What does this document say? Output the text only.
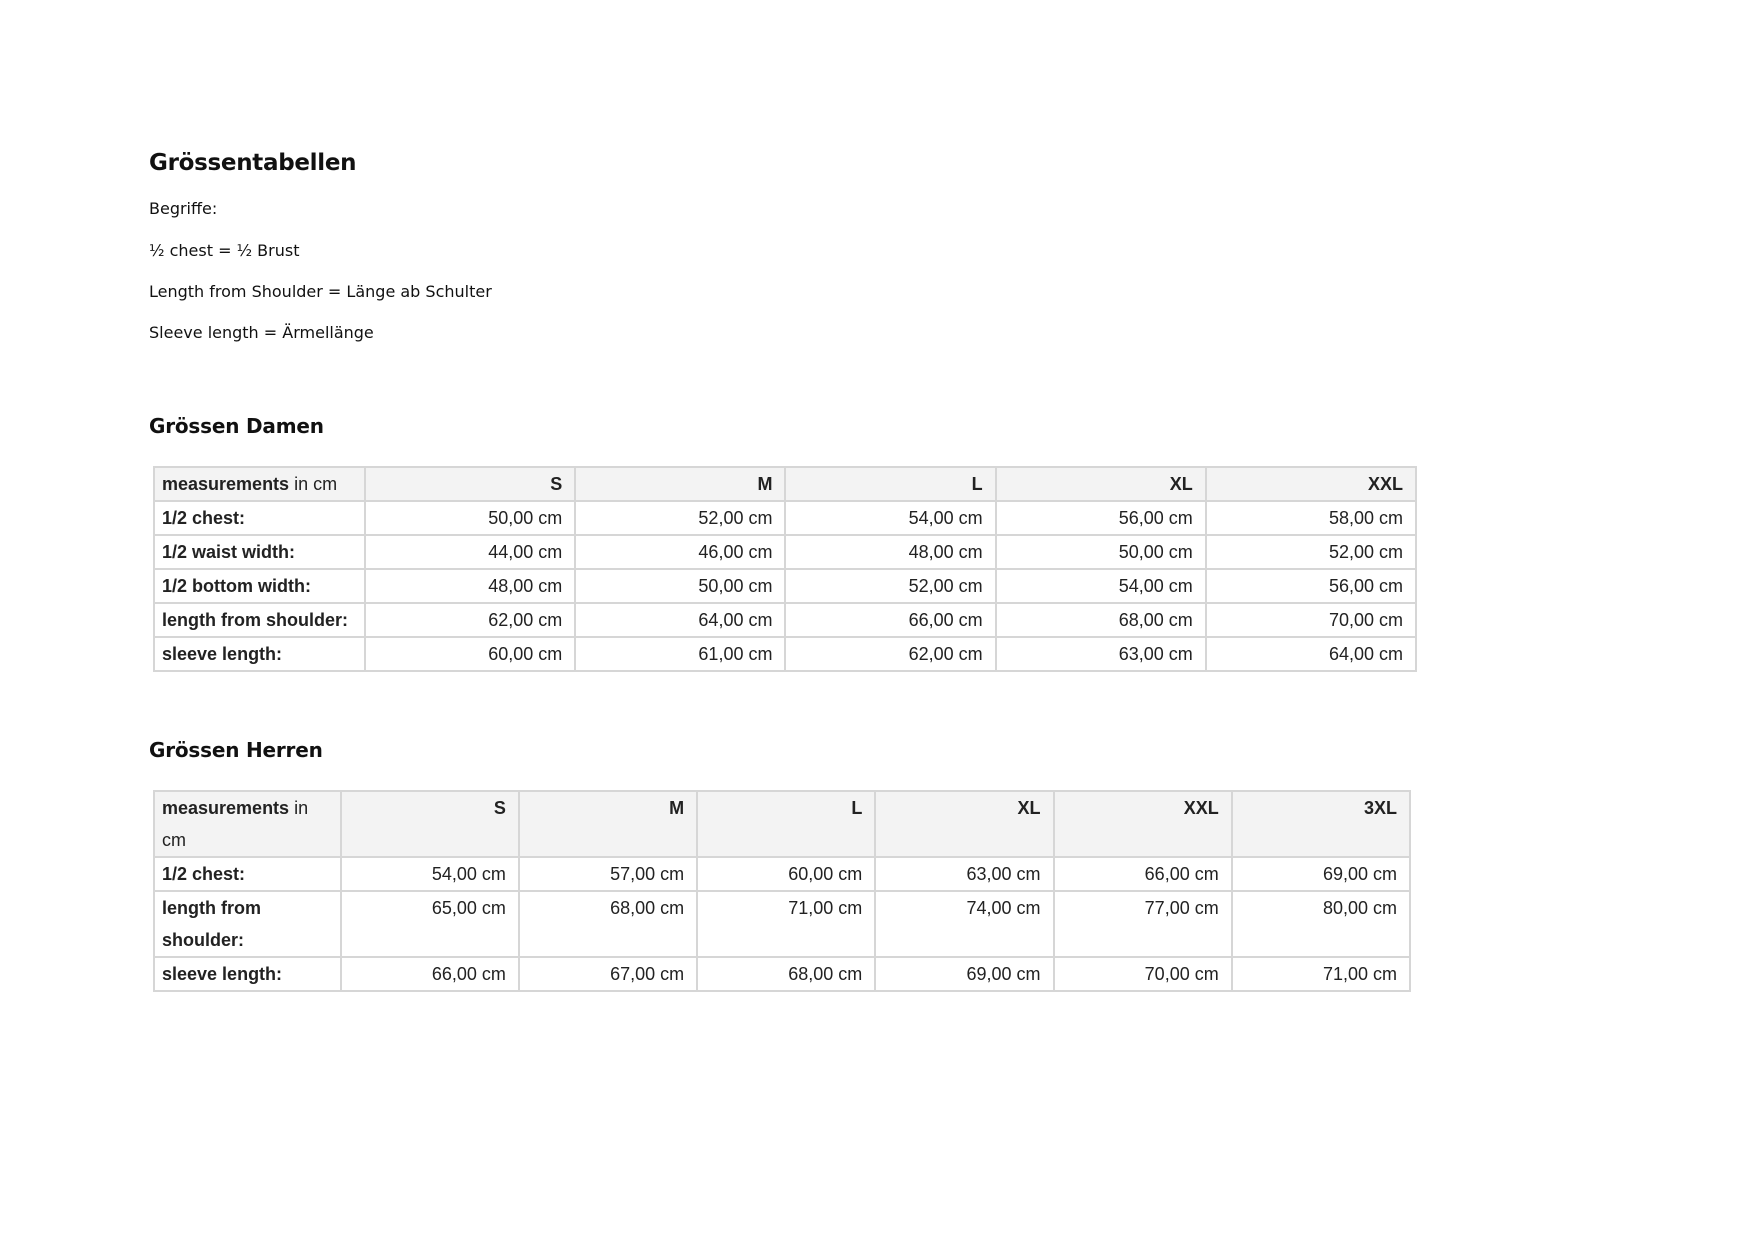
Grössentabellen

Begriffe:

½ chest = ½ Brust

Length from Shoulder = Länge ab Schulter

Sleeve length = Ärmellänge

Grössen Damen
measurements in cm	S	M	L	XL	XXL
1/2 chest:	50,00 cm	52,00 cm	54,00 cm	56,00 cm	58,00 cm
1/2 waist width:	44,00 cm	46,00 cm	48,00 cm	50,00 cm	52,00 cm
1/2 bottom width:	48,00 cm	50,00 cm	52,00 cm	54,00 cm	56,00 cm
length from shoulder:	62,00 cm	64,00 cm	66,00 cm	68,00 cm	70,00 cm
sleeve length:	60,00 cm	61,00 cm	62,00 cm	63,00 cm	64,00 cm
Grössen Herren
measurements in cm	S	M	L	XL	XXL	3XL
1/2 chest:	54,00 cm	57,00 cm	60,00 cm	63,00 cm	66,00 cm	69,00 cm
length from shoulder:	65,00 cm	68,00 cm	71,00 cm	74,00 cm	77,00 cm	80,00 cm
sleeve length:	66,00 cm	67,00 cm	68,00 cm	69,00 cm	70,00 cm	71,00 cm
